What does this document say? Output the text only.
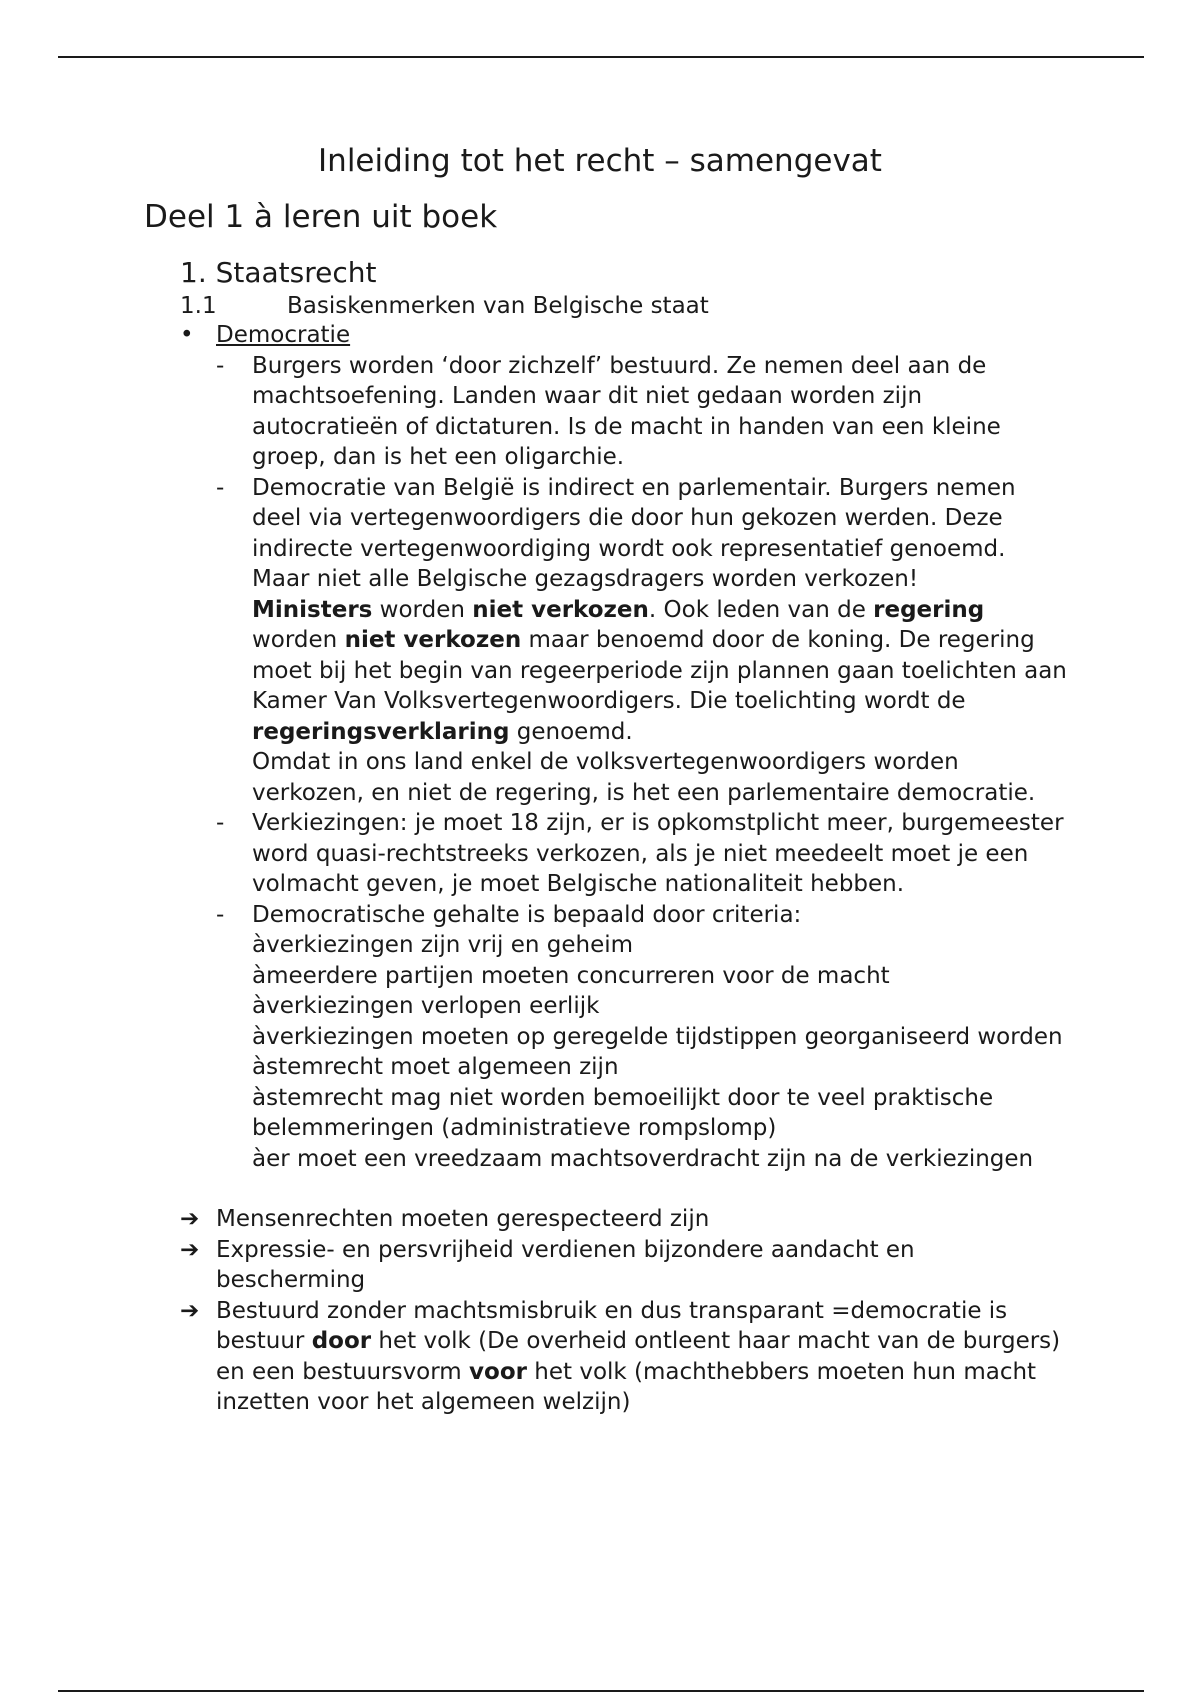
Inleiding tot het recht – samengevat
Deel 1 à leren uit boek
1. Staatsrecht
1.1	Basiskenmerken van Belgische staat
• Democratie
- Burgers worden ‘door zichzelf’ bestuurd. Ze nemen deel aan de machtsoefening. Landen waar dit niet gedaan worden zijn autocratieën of dictaturen. Is de macht in handen van een kleine groep, dan is het een oligarchie.

- Democratie van België is indirect en parlementair. Burgers nemen deel via vertegenwoordigers die door hun gekozen werden. Deze indirecte vertegenwoordiging wordt ook representatief genoemd. Maar niet alle Belgische gezagsdragers worden verkozen!

Ministers worden niet verkozen. Ook leden van de regering worden niet verkozen maar benoemd door de koning. De regering moet bij het begin van regeerperiode zijn plannen gaan toelichten aan Kamer Van Volksvertegenwoordigers. Die toelichting wordt de regeringsverklaring genoemd.

Omdat in ons land enkel de volksvertegenwoordigers worden verkozen, en niet de regering, is het een parlementaire democratie.

- Verkiezingen: je moet 18 zijn, er is opkomstplicht meer, burgemeester word quasi-rechtstreeks verkozen, als je niet meedeelt moet je een volmacht geven, je moet Belgische nationaliteit hebben.

- Democratische gehalte is bepaald door criteria:

àverkiezingen zijn vrij en geheim

àmeerdere partijen moeten concurreren voor de macht

àverkiezingen verlopen eerlijk

àverkiezingen moeten op geregelde tijdstippen georganiseerd worden

àstemrecht moet algemeen zijn

àstemrecht mag niet worden bemoeilijkt door te veel praktische belemmeringen (administratieve rompslomp)

àer moet een vreedzaam machtsoverdracht zijn na de verkiezingen

➔ Mensenrechten moeten gerespecteerd zijn

➔ Expressie- en persvrijheid verdienen bijzondere aandacht en bescherming

➔ Bestuurd zonder machtsmisbruik en dus transparant =democratie is bestuur door het volk (De overheid ontleent haar macht van de burgers) en een bestuursvorm voor het volk (machthebbers moeten hun macht inzetten voor het algemeen welzijn)
